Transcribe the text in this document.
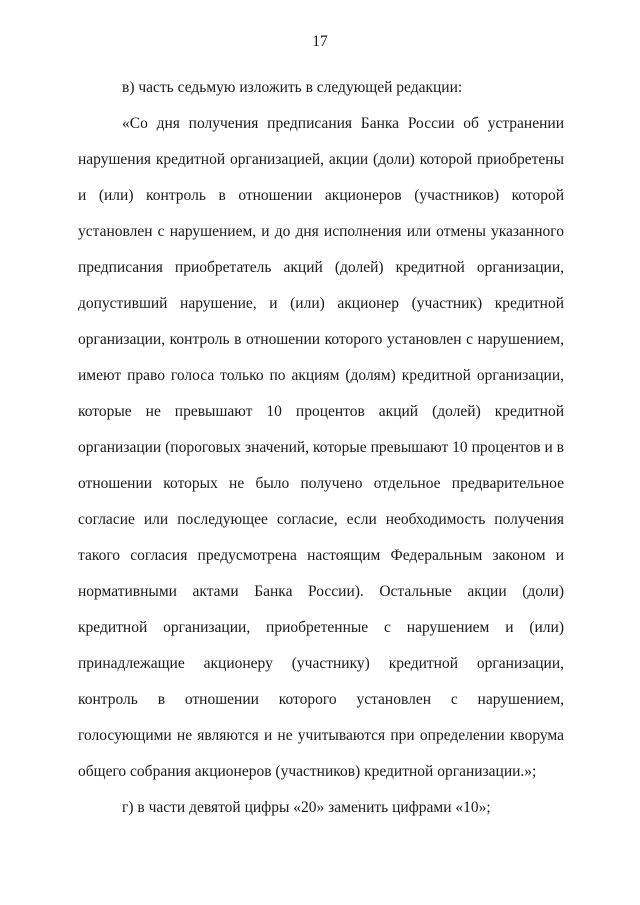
17

в) часть седьмую изложить в следующей редакции:

«Со дня получения предписания Банка России об устранении нарушения кредитной организацией, акции (доли) которой приобретены и (или) контроль в отношении акционеров (участников) которой установлен с нарушением, и до дня исполнения или отмены указанного предписания приобретатель акций (долей) кредитной организации, допустивший нарушение, и (или) акционер (участник) кредитной организации, контроль в отношении которого установлен с нарушением, имеют право голоса только по акциям (долям) кредитной организации, которые не превышают 10 процентов акций (долей) кредитной организации (пороговых значений, которые превышают 10 процентов и в отношении которых не было получено отдельное предварительное согласие или последующее согласие, если необходимость получения такого согласия предусмотрена настоящим Федеральным законом и нормативными актами Банка России). Остальные акции (доли) кредитной организации, приобретенные с нарушением и (или) принадлежащие акционеру (участнику) кредитной организации, контроль в отношении которого установлен с нарушением, голосующими не являются и не учитываются при определении кворума общего собрания акционеров (участников) кредитной организации.»;

г) в части девятой цифры «20» заменить цифрами «10»;
